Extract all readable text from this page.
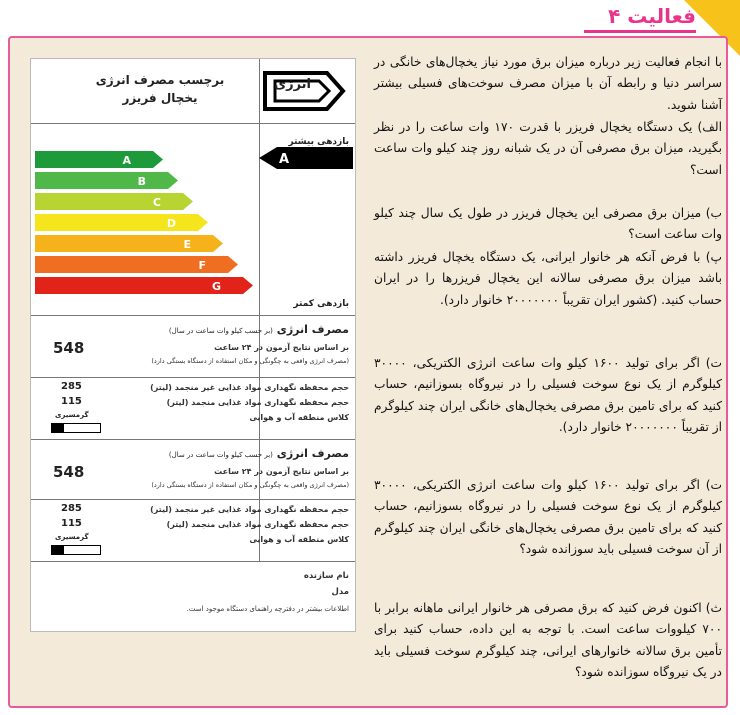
فعالیت ۴
برچسب مصرف انرژی
یخچال فریزر
انرژی
بازدهی بیشتر
A
B
C
D
E
F
G
A
بازدهی کمتر
مصرف انرژی (بر حسب کیلو وات ساعت در سال)
بر اساس نتایج آزمون در ۲۴ ساعت
(مصرف انرژی واقعی به چگونگی و مکان استفاده از دستگاه بستگی دارد)
548
حجم محفظه نگهداری مواد غذایی غیر منجمد (لیتر)
حجم محفظه نگهداری مواد غذایی منجمد (لیتر)
کلاس منطقه آب و هوایی
285
115
گرمسیری
مصرف انرژی (بر حسب کیلو وات ساعت در سال)
بر اساس نتایج آزمون در ۲۴ ساعت
(مصرف انرژی واقعی به چگونگی و مکان استفاده از دستگاه بستگی دارد)
548
حجم محفظه نگهداری مواد غذایی غیر منجمد (لیتر)
حجم محفظه نگهداری مواد غذایی منجمد (لیتر)
کلاس منطقه آب و هوایی
285
115
گرمسیری
نام سازنده
مدل
اطلاعات بیشتر در دفترچه راهنمای دستگاه موجود است.
با انجام فعالیت زیر درباره میزان برق مورد نیاز یخچال‌های خانگی در سراسر دنیا و رابطه آن با میزان مصرف سوخت‌های فسیلی بیشتر آشنا شوید.
الف) یک دستگاه یخچال فریزر با قدرت ۱۷۰ وات ساعت را در نظر بگیرید، میزان برق مصرفی آن در یک شبانه روز چند کیلو وات ساعت است؟
ب) میزان برق مصرفی این یخچال فریزر در طول یک سال چند کیلو وات ساعت است؟
پ) با فرض آنکه هر خانوار ایرانی، یک دستگاه یخچال فریزر داشته باشد میزان برق مصرفی سالانه این یخچال فریزرها را در ایران حساب کنید. (کشور ایران تقریباً ۲۰۰۰۰۰۰۰ خانوار دارد).
ت) اگر برای تولید ۱۶۰۰ کیلو وات ساعت انرژی الکتریکی، ۳۰۰۰۰ کیلوگرم از یک نوع سوخت فسیلی را در نیروگاه بسوزانیم، حساب کنید که برای تامین برق مصرفی یخچال‌های خانگی ایران چند کیلوگرم از تقریباً ۲۰۰۰۰۰۰۰ خانوار دارد).
ت) اگر برای تولید ۱۶۰۰ کیلو وات ساعت انرژی الکتریکی، ۳۰۰۰۰ کیلوگرم از یک نوع سوخت فسیلی را در نیروگاه بسوزانیم، حساب کنید که برای تامین برق مصرفی یخچال‌های خانگی ایران چند کیلوگرم از آن سوخت فسیلی باید سوزانده شود؟
ث) اکنون فرض کنید که برق مصرفی هر خانوار ایرانی ماهانه برابر با ۷۰۰ کیلووات ساعت است. با توجه به این داده، حساب کنید برای تأمین برق سالانه خانوارهای ایرانی، چند کیلوگرم سوخت فسیلی باید در یک نیروگاه سوزانده شود؟
